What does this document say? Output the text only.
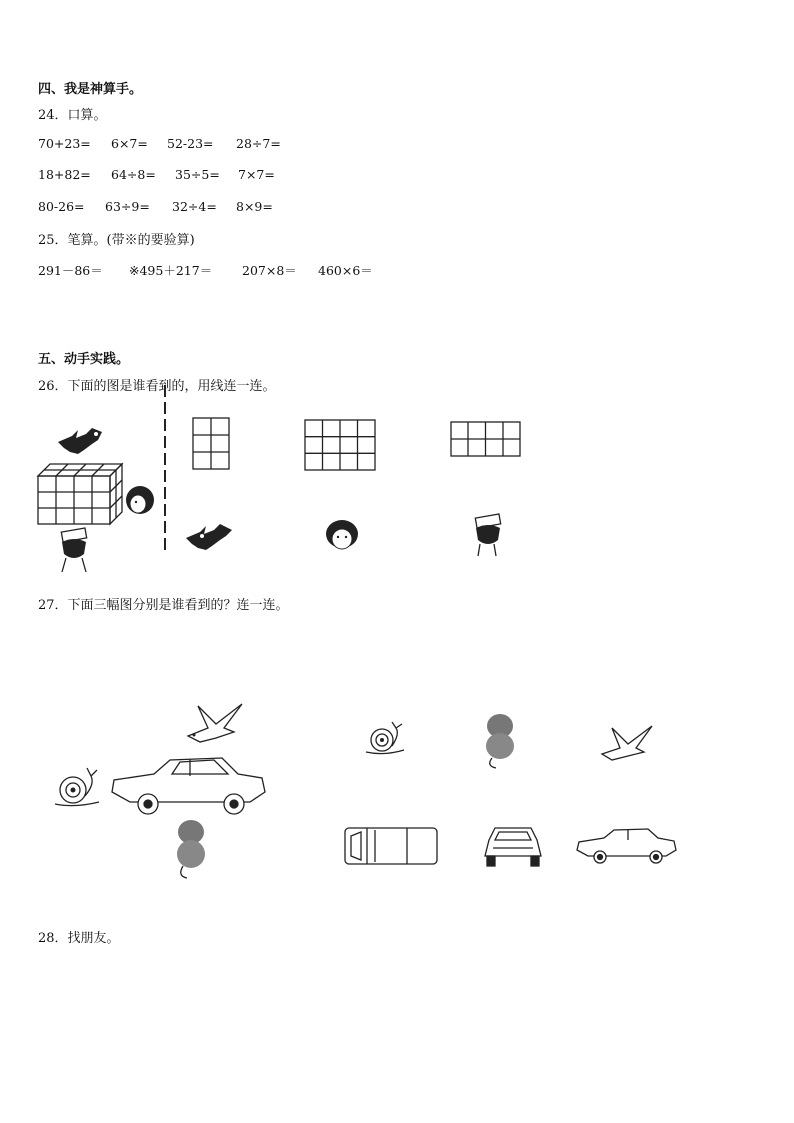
四、我是神算手。
24．口算。
70+23= 6×7= 52-23= 28÷7=
18+82= 64÷8= 35÷5= 7×7=
80-26= 63÷9= 32÷4= 8×9=
25．笔算。(带※的要验算)
291－86＝ ※495＋217＝ 207×8＝ 460×6＝
五、动手实践。
26．下面的图是谁看到的，用线连一连。
27．下面三幅图分别是谁看到的？连一连。
28．找朋友。
